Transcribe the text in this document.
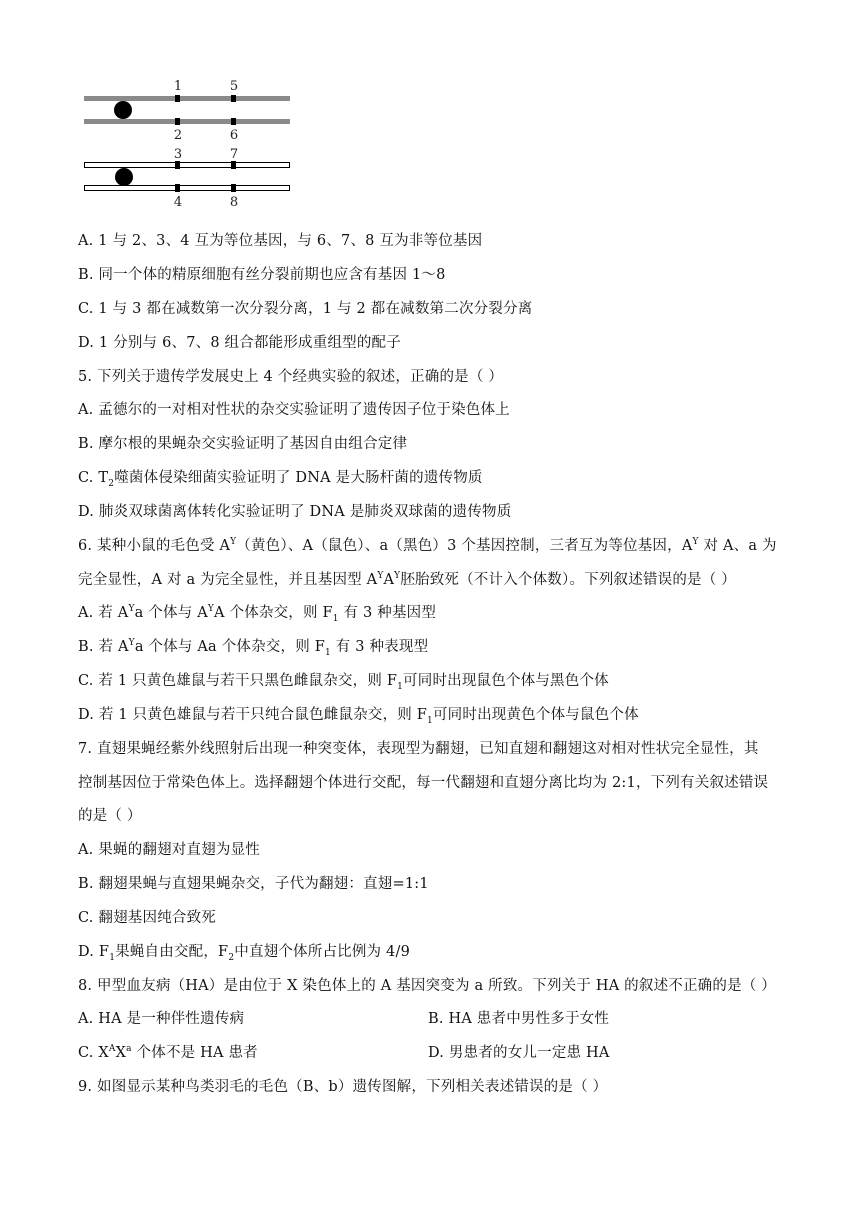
1	5
2	6
3	7
4	8
A. 1 与 2、3、4 互为等位基因，与 6、7、8 互为非等位基因
B. 同一个体的精原细胞有丝分裂前期也应含有基因 1～8
C. 1 与 3 都在减数第一次分裂分离，1 与 2 都在减数第二次分裂分离
D. 1 分别与 6、7、8 组合都能形成重组型的配子
5. 下列关于遗传学发展史上 4 个经典实验的叙述，正确的是（ ）
A. 孟德尔的一对相对性状的杂交实验证明了遗传因子位于染色体上
B. 摩尔根的果蝇杂交实验证明了基因自由组合定律
C. $T_2$噬菌体侵染细菌实验证明了 DNA 是大肠杆菌的遗传物质
D. 肺炎双球菌离体转化实验证明了 DNA 是肺炎双球菌的遗传物质
6. 某种小鼠的毛色受 $A^Y$（黄色）、A（鼠色）、a（黑色）3 个基因控制，三者互为等位基因，$A^Y$ 对 A、a 为
完全显性，A 对 a 为完全显性，并且基因型 $A^YA^Y$胚胎致死（不计入个体数）。下列叙述错误的是（ ）
A. 若 $A^Ya$ 个体与 $A^YA$ 个体杂交，则 $F_1$ 有 3 种基因型
B. 若 $A^Ya$ 个体与 Aa 个体杂交，则 $F_1$ 有 3 种表现型
C. 若 1 只黄色雄鼠与若干只黑色雌鼠杂交，则 $F_1$可同时出现鼠色个体与黑色个体
D. 若 1 只黄色雄鼠与若干只纯合鼠色雌鼠杂交，则 $F_1$可同时出现黄色个体与鼠色个体
7. 直翅果蝇经紫外线照射后出现一种突变体，表现型为翻翅，已知直翅和翻翅这对相对性状完全显性，其
控制基因位于常染色体上。选择翻翅个体进行交配，每一代翻翅和直翅分离比均为 2:1，下列有关叙述错误
的是（ ）
A. 果蝇的翻翅对直翅为显性
B. 翻翅果蝇与直翅果蝇杂交，子代为翻翅：直翅=1:1
C. 翻翅基因纯合致死
D. $F_1$果蝇自由交配，$F_2$中直翅个体所占比例为 4/9
8. 甲型血友病（HA）是由位于 X 染色体上的 A 基因突变为 a 所致。下列关于 HA 的叙述不正确的是（ ）
A. HA 是一种伴性遗传病	B. HA 患者中男性多于女性
C. $X^AX^a$ 个体不是 HA 患者	D. 男患者的女儿一定患 HA
9. 如图显示某种鸟类羽毛的毛色（B、b）遗传图解，下列相关表述错误的是（ ）
